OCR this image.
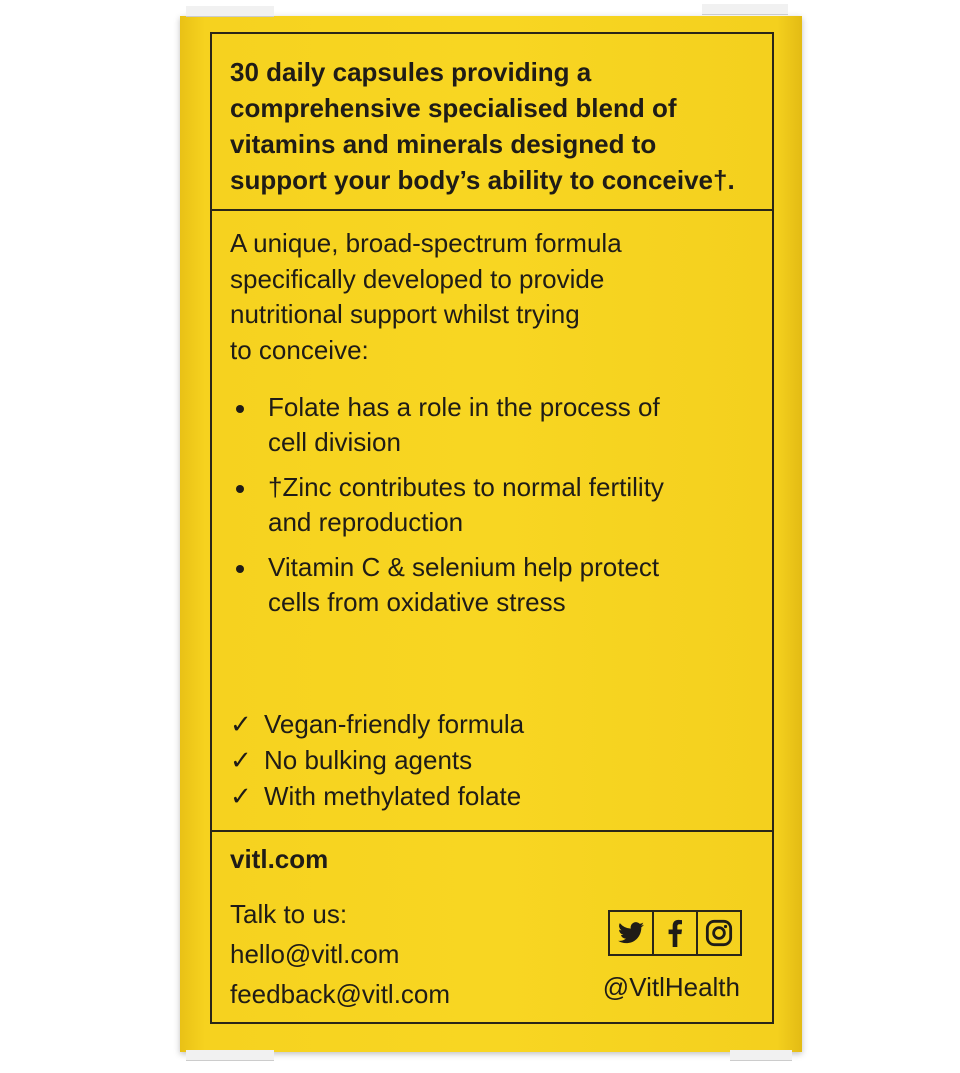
30 daily capsules providing a
comprehensive specialised blend of
vitamins and minerals designed to
support your body’s ability to conceive†.
A unique, broad-spectrum formula
specifically developed to provide
nutritional support whilst trying
to conceive:
Folate has a role in the process of
cell division
†Zinc contributes to normal fertility
and reproduction
Vitamin C & selenium help protect
cells from oxidative stress
✓ Vegan-friendly formula
✓ No bulking agents
✓ With methylated folate
vitl.com
Talk to us:
hello@vitl.com
feedback@vitl.com	@VitlHealth
